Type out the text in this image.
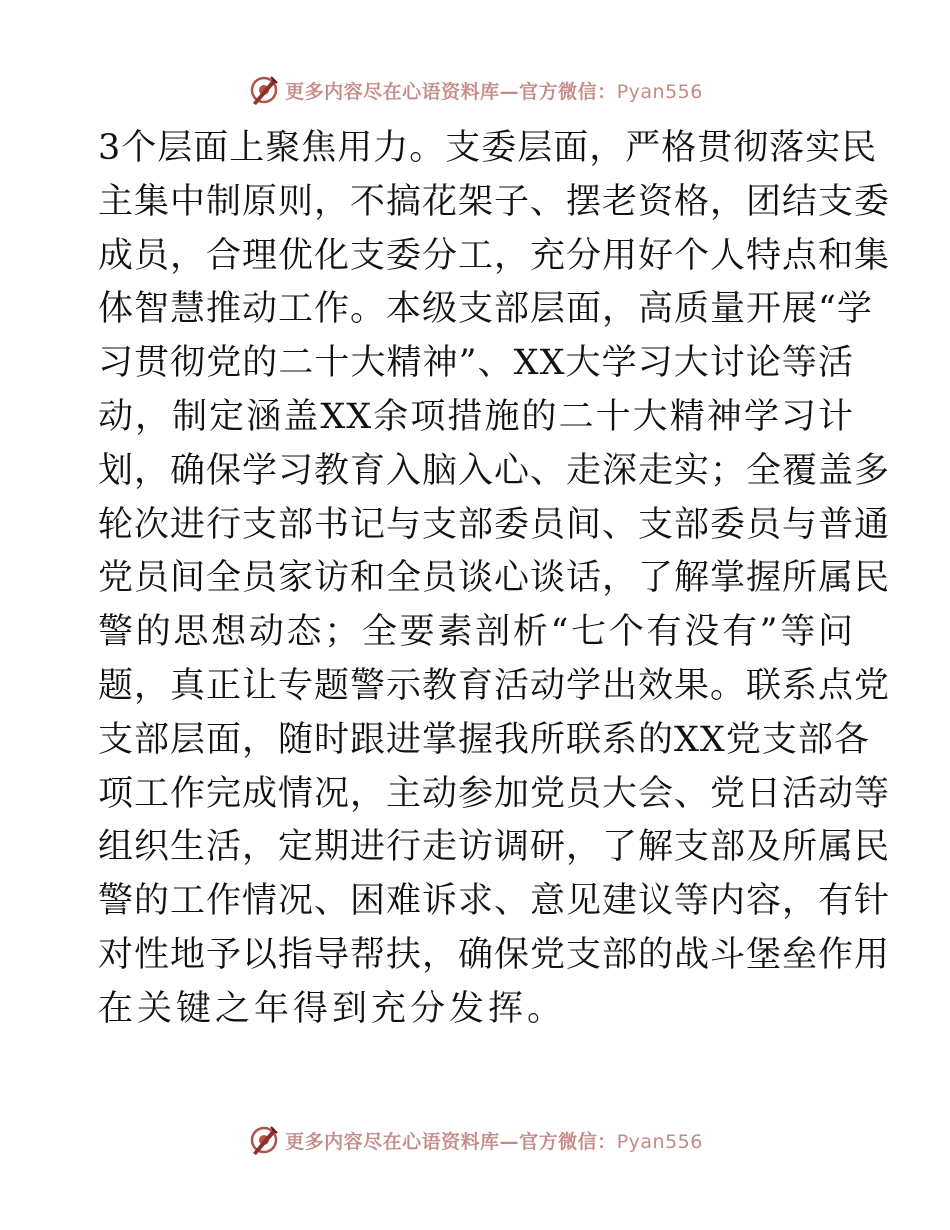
更多内容尽在心语资料库—官方微信：Pyan556
3个层面上聚焦用力。支委层面，严格贯彻落实民
主集中制原则，不搞花架子、摆老资格，团结支委
成员，合理优化支委分工，充分用好个人特点和集
体智慧推动工作。本级支部层面，高质量开展“学
习贯彻党的二十大精神”、XX大学习大讨论等活
动，制定涵盖XX余项措施的二十大精神学习计
划，确保学习教育入脑入心、走深走实；全覆盖多
轮次进行支部书记与支部委员间、支部委员与普通
党员间全员家访和全员谈心谈话，了解掌握所属民
警的思想动态；全要素剖析“七个有没有”等问
题，真正让专题警示教育活动学出效果。联系点党
支部层面，随时跟进掌握我所联系的XX党支部各
项工作完成情况，主动参加党员大会、党日活动等
组织生活，定期进行走访调研，了解支部及所属民
警的工作情况、困难诉求、意见建议等内容，有针
对性地予以指导帮扶，确保党支部的战斗堡垒作用
在关键之年得到充分发挥。
更多内容尽在心语资料库—官方微信：Pyan556
